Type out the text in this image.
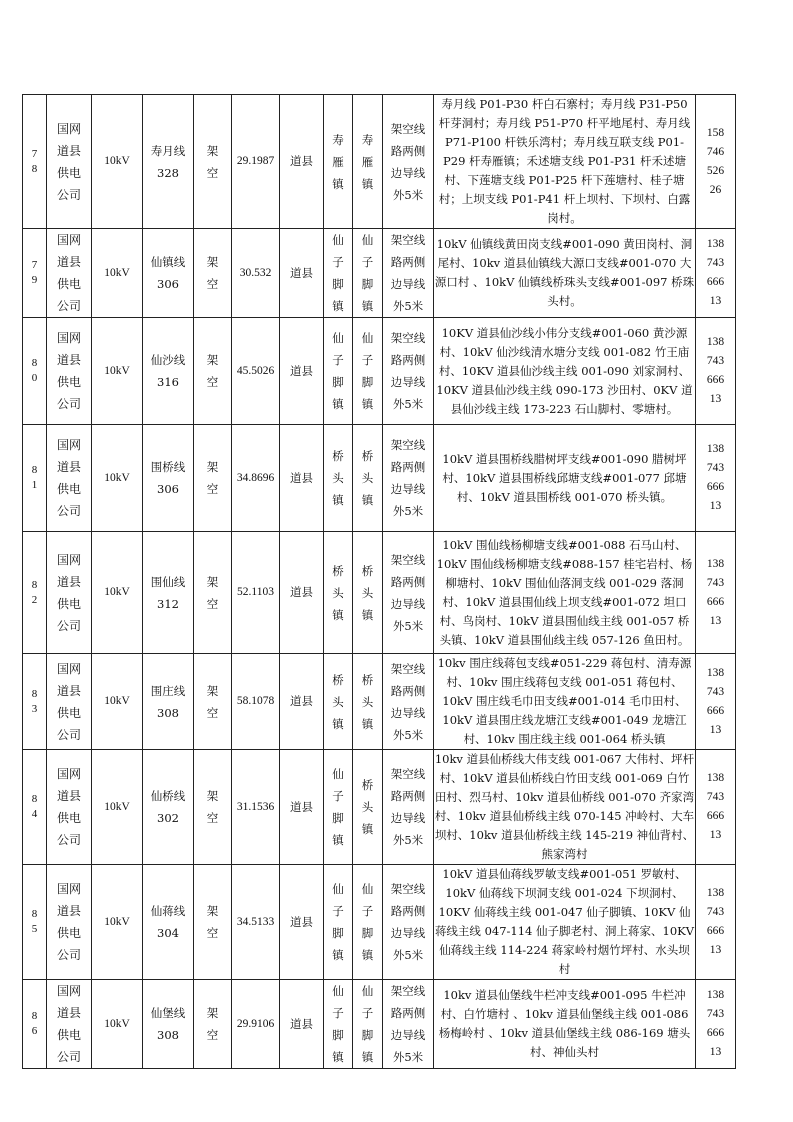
78	国网道县供电公司	10kV	寿月线328	架空	29.1987	道县	寿雁镇	寿雁镇	架空线路两侧边导线外5米	寿月线 P01-P30 杆白石寨村；寿月线 P31-P50 杆芽洞村；寿月线 P51-P70 杆平地尾村、寿月线 P71-P100 杆铁乐湾村；寿月线互联支线 P01-P29 杆寿雁镇；禾述塘支线 P01-P31 杆禾述塘村、下莲塘支线 P01-P25 杆下莲塘村、桂子塘村；上坝支线 P01-P41 杆上坝村、下坝村、白露岗村。	15874652626

79	国网道县供电公司	10kV	仙镇线306	架空	30.532	道县	仙子脚镇	仙子脚镇	架空线路两侧边导线外5米	10kV 仙镇线黄田岗支线#001-090 黄田岗村、洞尾村、10kv 道县仙镇线大源口支线#001-070 大源口村 、10kV 仙镇线桥珠头支线#001-097 桥珠头村。	13874366613

80	国网道县供电公司	10kV	仙沙线316	架空	45.5026	道县	仙子脚镇	仙子脚镇	架空线路两侧边导线外5米	10KV 道县仙沙线小伟分支线#001-060 黄沙源村、10kV 仙沙线清水塘分支线 001-082 竹王庙村、10KV 道县仙沙线主线 001-090 刘家洞村、10KV 道县仙沙线主线 090-173 沙田村、0KV 道县仙沙线主线 173-223 石山脚村、零塘村。	13874366613

81	国网道县供电公司	10kV	围桥线306	架空	34.8696	道县	桥头镇	桥头镇	架空线路两侧边导线外5米	10kV 道县围桥线腊树坪支线#001-090 腊树坪村、10kV 道县围桥线邱塘支线#001-077 邱塘村、10kV 道县围桥线 001-070 桥头镇。	13874366613

82	国网道县供电公司	10kV	围仙线312	架空	52.1103	道县	桥头镇	桥头镇	架空线路两侧边导线外5米	10kV 围仙线杨柳塘支线#001-088 石马山村、10kV 围仙线杨柳塘支线#088-157 桂宅岩村、杨柳塘村、10kV 围仙仙落洞支线 001-029 落洞村、10kV 道县围仙线上坝支线#001-072 坦口村、鸟岗村、10kV 道县围仙线主线 001-057 桥头镇、10kV 道县围仙线主线 057-126 鱼田村。	13874366613

83	国网道县供电公司	10kV	围庄线308	架空	58.1078	道县	桥头镇	桥头镇	架空线路两侧边导线外5米	10kv 围庄线蒋包支线#051-229 蒋包村、清寿源村、10kv 围庄线蒋包支线 001-051 蒋包村、10kV 围庄线毛巾田支线#001-014 毛巾田村、10kV 道县围庄线龙塘江支线#001-049 龙塘江村、10kv 围庄线主线 001-064 桥头镇	13874366613

84	国网道县供电公司	10kV	仙桥线302	架空	31.1536	道县	仙子脚镇	桥头镇	架空线路两侧边导线外5米	10kv 道县仙桥线大伟支线 001-067 大伟村、坪杆村、10kV 道县仙桥线白竹田支线 001-069 白竹田村、烈马村、10kv 道县仙桥线 001-070 齐家湾村、10kv 道县仙桥线主线 070-145 冲岭村、大车坝村、10kv 道县仙桥线主线 145-219 神仙背村、熊家湾村	13874366613

85	国网道县供电公司	10kV	仙蒋线304	架空	34.5133	道县	仙子脚镇	仙子脚镇	架空线路两侧边导线外5米	10kV 道县仙蒋线罗敏支线#001-051 罗敏村、10kV 仙蒋线下坝洞支线 001-024 下坝洞村、10KV 仙蒋线主线 001-047 仙子脚镇、10KV 仙蒋线主线 047-114 仙子脚老村、洞上蒋家、10KV 仙蒋线主线 114-224 蒋家岭村烟竹坪村、水头坝村	13874366613

86	国网道县供电公司	10kV	仙堡线308	架空	29.9106	道县	仙子脚镇	仙子脚镇	架空线路两侧边导线外5米	10kv 道县仙堡线牛栏冲支线#001-095 牛栏冲村、白竹塘村 、10kv 道县仙堡线主线 001-086 杨梅岭村 、10kv 道县仙堡线主线 086-169 塘头村、神仙头村	13874366613
